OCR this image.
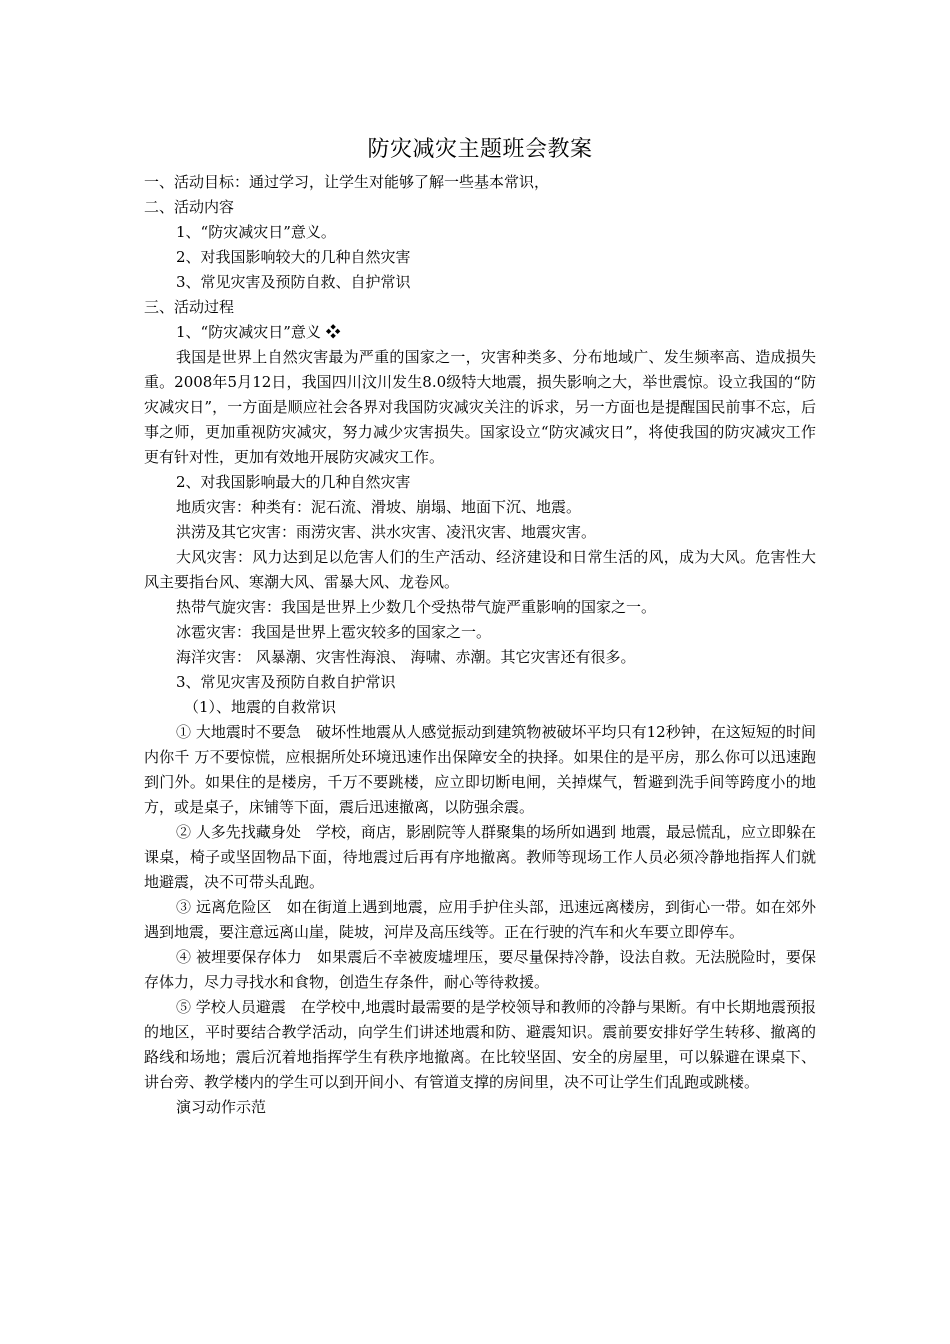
防灾减灾主题班会教案

一、活动目标：通过学习，让学生对能够了解一些基本常识，

二、活动内容

1、“防灾减灾日”意义。

2、对我国影响较大的几种自然灾害

3、常见灾害及预防自救、自护常识

三、活动过程

1、“防灾减灾日”意义 ❖

我国是世界上自然灾害最为严重的国家之一，灾害种类多、分布地域广、发生频率高、造成损失重。2008年5月12日，我国四川汶川发生8.0级特大地震，损失影响之大，举世震惊。设立我国的“防灾减灾日”，一方面是顺应社会各界对我国防灾减灾关注的诉求，另一方面也是提醒国民前事不忘，后事之师，更加重视防灾减灾，努力减少灾害损失。国家设立“防灾减灾日”，将使我国的防灾减灾工作更有针对性，更加有效地开展防灾减灾工作。

2、对我国影响最大的几种自然灾害

地质灾害：种类有：泥石流、滑坡、崩塌、地面下沉、地震。

洪涝及其它灾害：雨涝灾害、洪水灾害、凌汛灾害、地震灾害。

大风灾害：风力达到足以危害人们的生产活动、经济建设和日常生活的风，成为大风。危害性大风主要指台风、寒潮大风、雷暴大风、龙卷风。

热带气旋灾害：我国是世界上少数几个受热带气旋严重影响的国家之一。

冰雹灾害：我国是世界上雹灾较多的国家之一。

海洋灾害： 风暴潮、灾害性海浪、 海啸、赤潮。其它灾害还有很多。

3、常见灾害及预防自救自护常识

（1）、地震的自救常识

① 大地震时不要急　破坏性地震从人感觉振动到建筑物被破坏平均只有12秒钟，在这短短的时间内你千 万不要惊慌，应根据所处环境迅速作出保障安全的抉择。如果住的是平房，那么你可以迅速跑到门外。如果住的是楼房，千万不要跳楼，应立即切断电闸，关掉煤气，暂避到洗手间等跨度小的地方，或是桌子，床铺等下面，震后迅速撤离，以防强余震。

② 人多先找藏身处　学校，商店，影剧院等人群聚集的场所如遇到 地震，最忌慌乱，应立即躲在课桌，椅子或坚固物品下面，待地震过后再有序地撤离。教师等现场工作人员必须冷静地指挥人们就地避震，决不可带头乱跑。

③ 远离危险区　如在街道上遇到地震，应用手护住头部，迅速远离楼房，到街心一带。如在郊外遇到地震，要注意远离山崖，陡坡，河岸及高压线等。正在行驶的汽车和火车要立即停车。

④ 被埋要保存体力　如果震后不幸被废墟埋压，要尽量保持冷静，设法自救。无法脱险时，要保存体力，尽力寻找水和食物，创造生存条件，耐心等待救援。

⑤ 学校人员避震　在学校中,地震时最需要的是学校领导和教师的冷静与果断。有中长期地震预报的地区，平时要结合教学活动，向学生们讲述地震和防、避震知识。震前要安排好学生转移、撤离的路线和场地；震后沉着地指挥学生有秩序地撤离。在比较坚固、安全的房屋里，可以躲避在课桌下、讲台旁、教学楼内的学生可以到开间小、有管道支撑的房间里，决不可让学生们乱跑或跳楼。

演习动作示范
